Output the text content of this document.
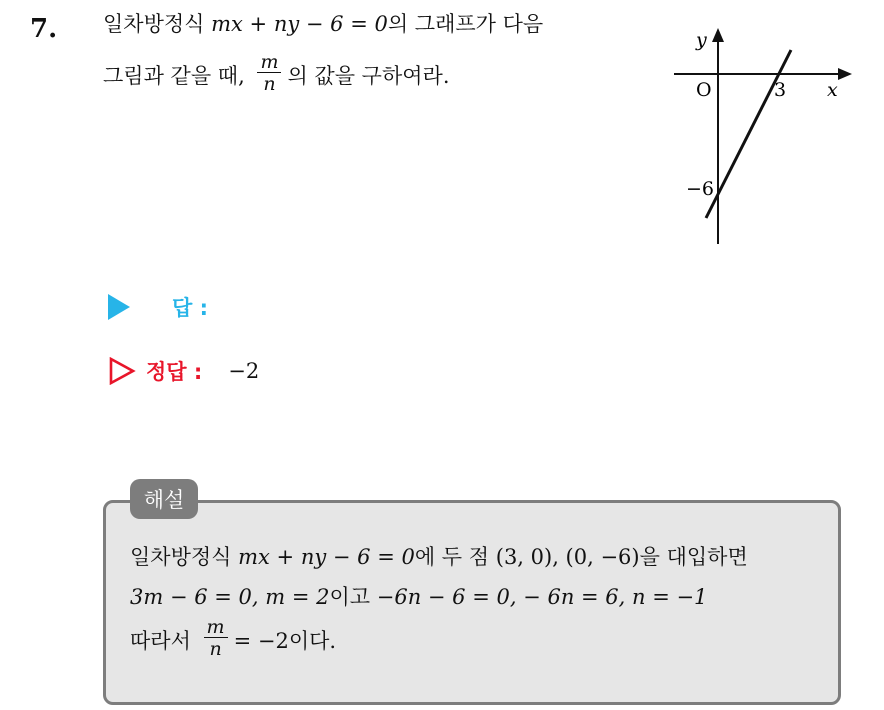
7. 일차방정식 mx + ny − 6 = 0의 그래프가 다음
그림과 같을 때, $\frac{m}{n}$ 의 값을 구하여라.
y
x
O	3
−6
답 :
정답 : −2
일차방정식 mx + ny − 6 = 0에 두 점 (3, 0), (0, −6)을 대입하면
3m − 6 = 0, m = 2이고 −6n − 6 = 0, − 6n = 6, n = −1
따라서 $\frac{m}{n} = -2$이다.
해설
